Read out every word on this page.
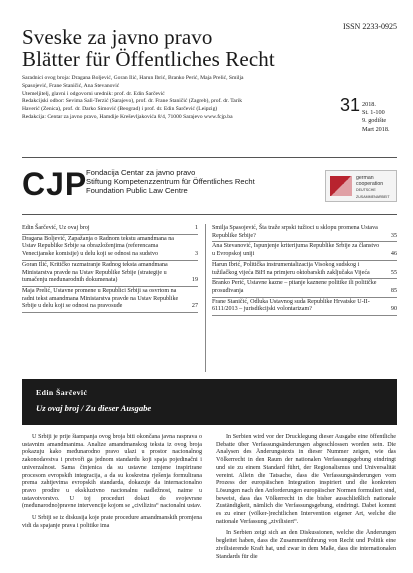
ISSN 2233-0925
Sveske za javno pravo
Blätter für Öffentliches Recht
Saradnici ovog broja: Dragana Boljević, Goran Ilić, Harun Ibrić, Branko Perić, Maja Prelić, Smilja
Spasojević, Frane Staničić, Ana Stevanović
Utemeljitelj, glavni i odgovorni urednik: prof. dr. Edin Šarčević
Redakcijski odbor: Sevima Sali-Terzić (Sarajevo), prof. dr. Frane Staničić (Zagreb), prof. dr. Tarik
Haverić (Zenica), prof. dr. Darko Simović (Beograd) i prof. dr. Edin Šarčević (Leipzig)
Redakcija: Centar za javno pravo, Hamdije Kreševljakovića 8/4, 71000 Sarajevo www.fcjp.ba
31 2018.
St. 1-100
9. godište
Mart 2018.
CJP
Fondacija Centar za javno pravo
Stiftung Kompetenzzentrum für Öffentliches Recht
Foundation Public Law Centre
german
cooperation
DEUTSCHE ZUSAMMENARBEIT
Edin Šarčević, Uz ovaj broj	1
Dragana Boljević, Zapažanja o Radnom tekstu amandmana na Ustav Republike Srbije sa obrazloženjima (referencama Venecijanske komisije) u delu koji se odnosi na sudstvo	3
Goran Ilić, Kritičko razmatranje Radnog teksta amandmana Ministarstva pravde na Ustav Republike Srbije (strategije u tumačenju međunarodnih dokumenata)	19
Maja Prelić, Ustavne promene u Republici Srbiji sa osvrtom na radni tekst amandmana Ministarstva pravde na Ustav Republike Srbije u delu koji se odnosi na pravosuđe	27
Smilja Spasojević, Šta traže srpski tužioci u sklopu promena Ustava Republike Srbije?	35
Ana Stevanović, Ispunjenje kriterijuma Republike Srbije za članstvo u Evropskoj uniji	46
Harun Ibrić, Politička instrumentalizacija Visokog sudskog i tužilačkog vijeća BiH na primjeru oktobarskih zaključaka Vijeća	55
Branko Perić, Ustavne kazne – pitanje kaznene politike ili političke prosuđivanja	85
Frane Staničić, Odluka Ustavnog suda Republike Hrvatske U-II-6111/2013 – jurisdikcijski volontarizam?	90
Edin Šarčević
Uz ovaj broj / Zu dieser Ausgabe

U Srbiji je prije štampanja ovog broja biti okončana javna rasprava o ustavnim amandmanima. Analize amandmanskog teksta iz ovog broja pokazuju kako međunarodno pravo ulazi u prostor nacionalnog zakonodavstva i pretvoři ga jednom standardu koji spaja pojedinačni i univerzalnost. Sama činjenica da su ustavne izmjene inspirirane procesom evropskih integracija, a da su koskretna rješenja formulirana prema zahtjevima evropskih standarda, dokazuje da internacionalno pravo prodire u ekskluzivno nacionalnu nadležnost, naime u ustavotvorstvo. U toj proceduri dolazi do svojevrsne (međunarodno)pravne intervencije kojom se „civilizira“ nacionalni ustav.

U Srbiji se iz diskusija koje prate procedure amandmanskih promjena vidi da spajanje prava i politike ima

In Serbien wird vor der Drucklegung dieser Ausgabe eine öffentliche Debatte über Verfassungsänderungen abgeschlossen worden sein. Die Analysen des Änderungstexts in dieser Nummer zeigen, wie das Völkerrecht in den Raum der nationalen Verfassungsgebung eindringt und sie zu einem Standard führt, der Regionalismus und Universalität vereint. Allein die Tatsache, dass die Verfassungsänderungen vom Prozess der europäischen Integration inspiriert und die konkreten Lösungen nach den Anforderungen europäischer Normen formuliert sind, beweist, dass das Völkerrecht in die bisher ausschließlich nationale Zuständigkeit, nämlich die Verfassungsgebung, eindringt. Dabei kommt es zu einer (völker-)rechtlichen Intervention eigener Art, welche die nationale Verfassung „zivilisiert“.

In Serbien zeigt sich an den Diskussionen, welche die Änderungen begleitet haben, dass die Zusammenführung von Recht und Politik eine zivilisierende Kraft hat, und zwar in dem Maße, dass die internationalen Standards für die
